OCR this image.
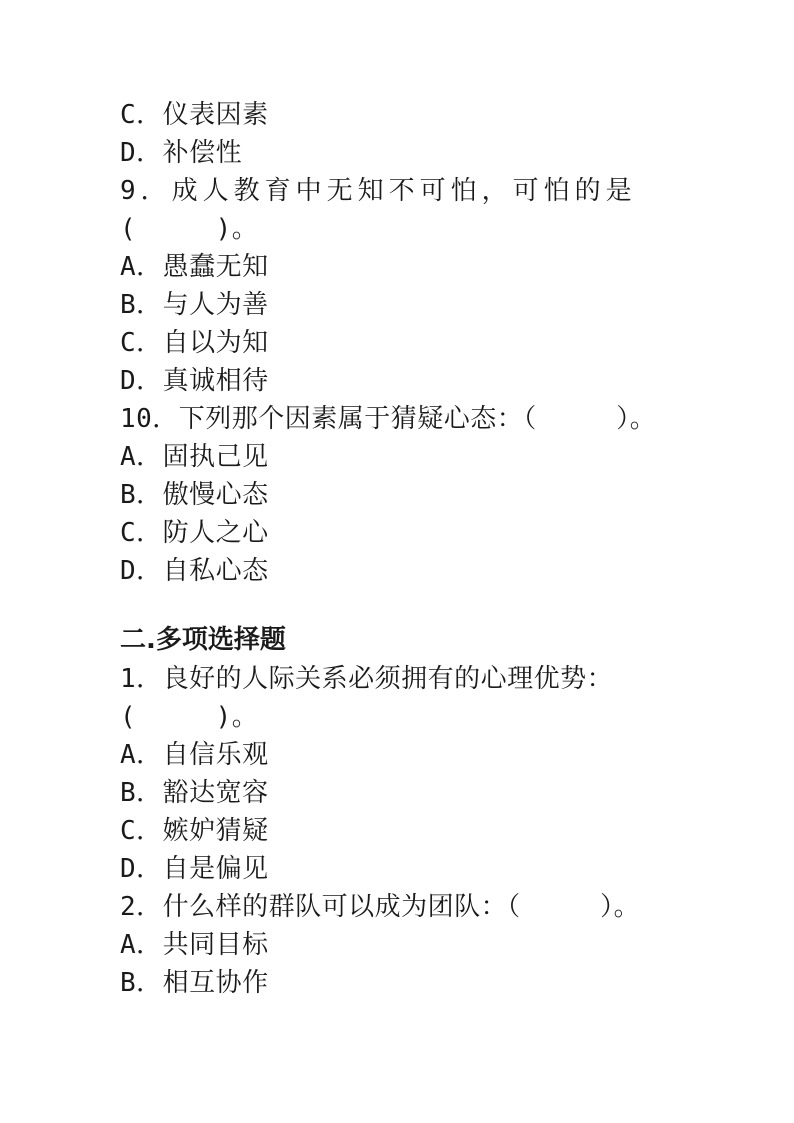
C．仪表因素
D．补偿性
9．成人教育中无知不可怕，可怕的是
(　　　)。
A．愚蠢无知
B．与人为善
C．自以为知
D．真诚相待
10．下列那个因素属于猜疑心态：（　　　）。
A．固执己见
B．傲慢心态
C．防人之心
D．自私心态
二.多项选择题
1．良好的人际关系必须拥有的心理优势：
(　　　)。
A．自信乐观
B．豁达宽容
C．嫉妒猜疑
D．自是偏见
2．什么样的群队可以成为团队：（　　　）。
A．共同目标
B．相互协作
